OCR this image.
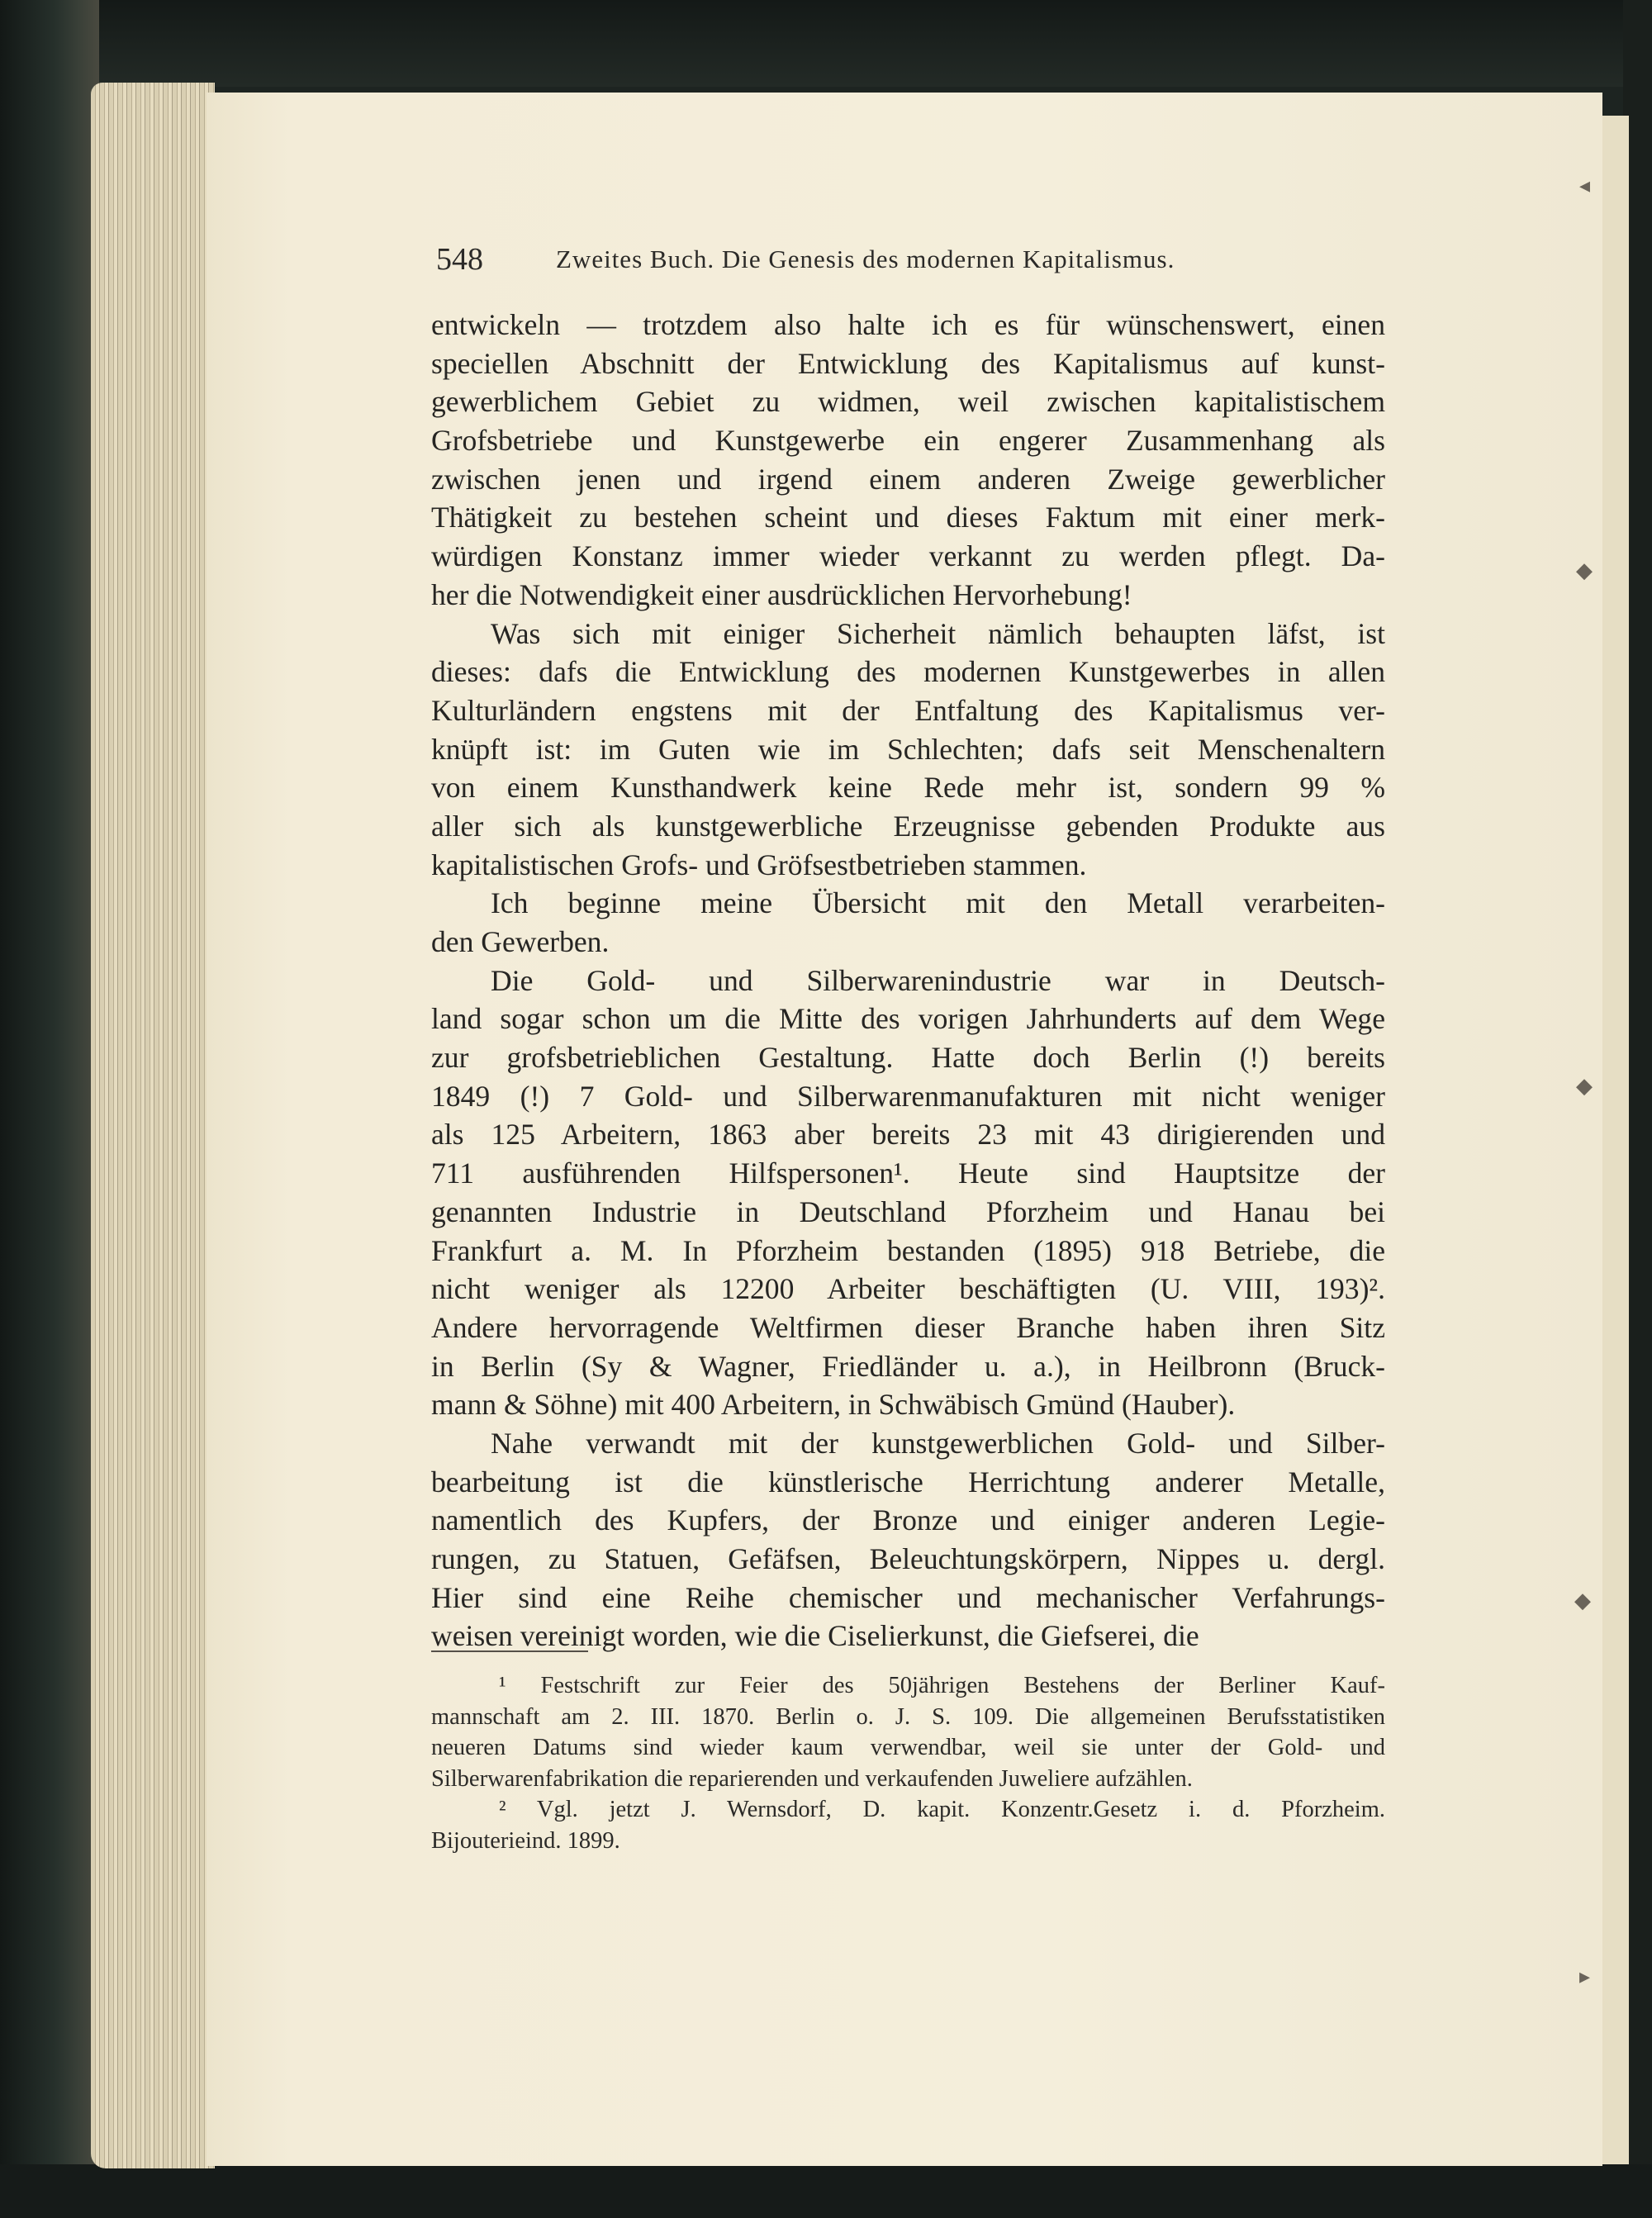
◂
◆
◆
◆
▸
548	Zweites Buch. Die Genesis des modernen Kapitalismus.
entwickeln — trotzdem also halte ich es für wünschenswert, einen
speciellen Abschnitt der Entwicklung des Kapitalismus auf kunst-
gewerblichem Gebiet zu widmen, weil zwischen kapitalistischem
Grofsbetriebe und Kunstgewerbe ein engerer Zusammenhang als
zwischen jenen und irgend einem anderen Zweige gewerblicher
Thätigkeit zu bestehen scheint und dieses Faktum mit einer merk-
würdigen Konstanz immer wieder verkannt zu werden pflegt. Da-
her die Notwendigkeit einer ausdrücklichen Hervorhebung!
Was sich mit einiger Sicherheit nämlich behaupten läfst, ist
dieses: dafs die Entwicklung des modernen Kunstgewerbes in allen
Kulturländern engstens mit der Entfaltung des Kapitalismus ver-
knüpft ist: im Guten wie im Schlechten; dafs seit Menschenaltern
von einem Kunsthandwerk keine Rede mehr ist, sondern 99 %
aller sich als kunstgewerbliche Erzeugnisse gebenden Produkte aus
kapitalistischen Grofs- und Gröfsestbetrieben stammen.
Ich beginne meine Übersicht mit den Metall verarbeiten-
den Gewerben.
Die Gold- und Silberwarenindustrie war in Deutsch-
land sogar schon um die Mitte des vorigen Jahrhunderts auf dem Wege
zur grofsbetrieblichen Gestaltung. Hatte doch Berlin (!) bereits
1849 (!) 7 Gold- und Silberwarenmanufakturen mit nicht weniger
als 125 Arbeitern, 1863 aber bereits 23 mit 43 dirigierenden und
711 ausführenden Hilfspersonen¹. Heute sind Hauptsitze der
genannten Industrie in Deutschland Pforzheim und Hanau bei
Frankfurt a. M. In Pforzheim bestanden (1895) 918 Betriebe, die
nicht weniger als 12200 Arbeiter beschäftigten (U. VIII, 193)².
Andere hervorragende Weltfirmen dieser Branche haben ihren Sitz
in Berlin (Sy & Wagner, Friedländer u. a.), in Heilbronn (Bruck-
mann & Söhne) mit 400 Arbeitern, in Schwäbisch Gmünd (Hauber).
Nahe verwandt mit der kunstgewerblichen Gold- und Silber-
bearbeitung ist die künstlerische Herrichtung anderer Metalle,
namentlich des Kupfers, der Bronze und einiger anderen Legie-
rungen, zu Statuen, Gefäfsen, Beleuchtungskörpern, Nippes u. dergl.
Hier sind eine Reihe chemischer und mechanischer Verfahrungs-
weisen vereinigt worden, wie die Ciselierkunst, die Giefserei, die
¹ Festschrift zur Feier des 50jährigen Bestehens der Berliner Kauf-
mannschaft am 2. III. 1870. Berlin o. J. S. 109. Die allgemeinen Berufsstatistiken
neueren Datums sind wieder kaum verwendbar, weil sie unter der Gold- und
Silberwarenfabrikation die reparierenden und verkaufenden Juweliere aufzählen.
² Vgl. jetzt J. Wernsdorf, D. kapit. Konzentr.Gesetz i. d. Pforzheim.
Bijouterieind. 1899.
